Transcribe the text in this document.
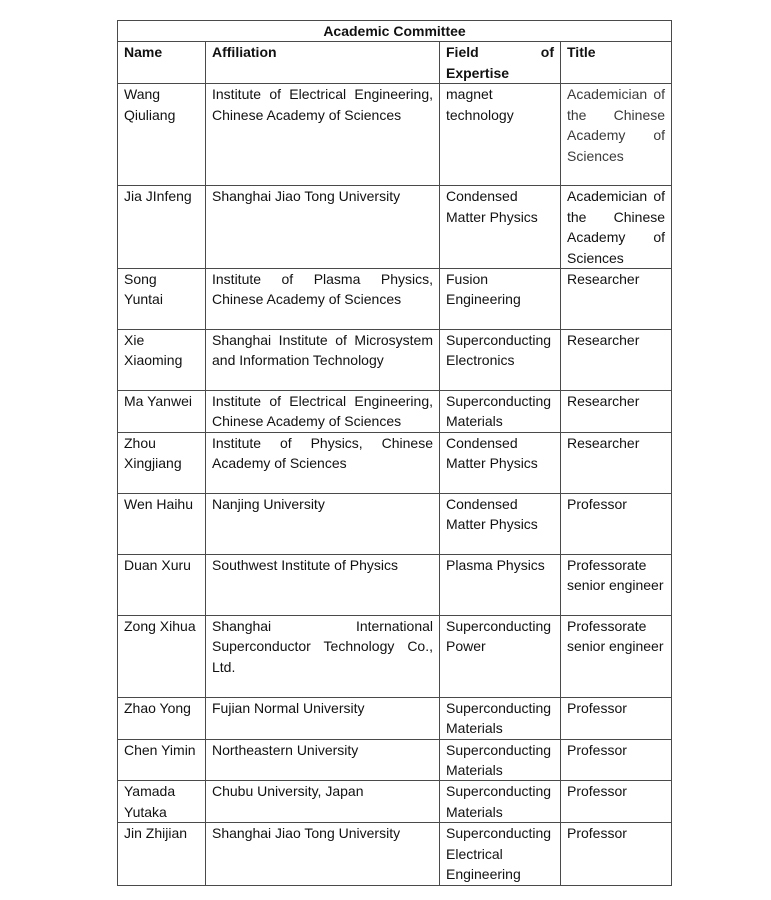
Academic Committee			
Name	Affiliation	Field of Expertise	Title
Wang Qiuliang	Institute of Electrical Engineering, Chinese Academy of Sciences	magnet technology	Academician of the Chinese Academy of Sciences
Jia JInfeng	Shanghai Jiao Tong University	Condensed Matter Physics	Academician of the Chinese Academy of Sciences
Song Yuntai	Institute of Plasma Physics, Chinese Academy of Sciences	Fusion Engineering	Researcher
Xie Xiaoming	Shanghai Institute of Microsystem and Information Technology	Superconducting Electronics	Researcher
Ma Yanwei	Institute of Electrical Engineering, Chinese Academy of Sciences	Superconducting Materials	Researcher
Zhou Xingjiang	Institute of Physics, Chinese Academy of Sciences	Condensed Matter Physics	Researcher
Wen Haihu	Nanjing University	Condensed Matter Physics	Professor
Duan Xuru	Southwest Institute of Physics	Plasma Physics	Professorate senior engineer
Zong Xihua	Shanghai International Superconductor Technology Co., Ltd.	Superconducting Power	Professorate senior engineer
Zhao Yong	Fujian Normal University	Superconducting Materials	Professor
Chen Yimin	Northeastern University	Superconducting Materials	Professor
Yamada Yutaka	Chubu University, Japan	Superconducting Materials	Professor
Jin Zhijian	Shanghai Jiao Tong University	Superconducting Electrical Engineering	Professor
